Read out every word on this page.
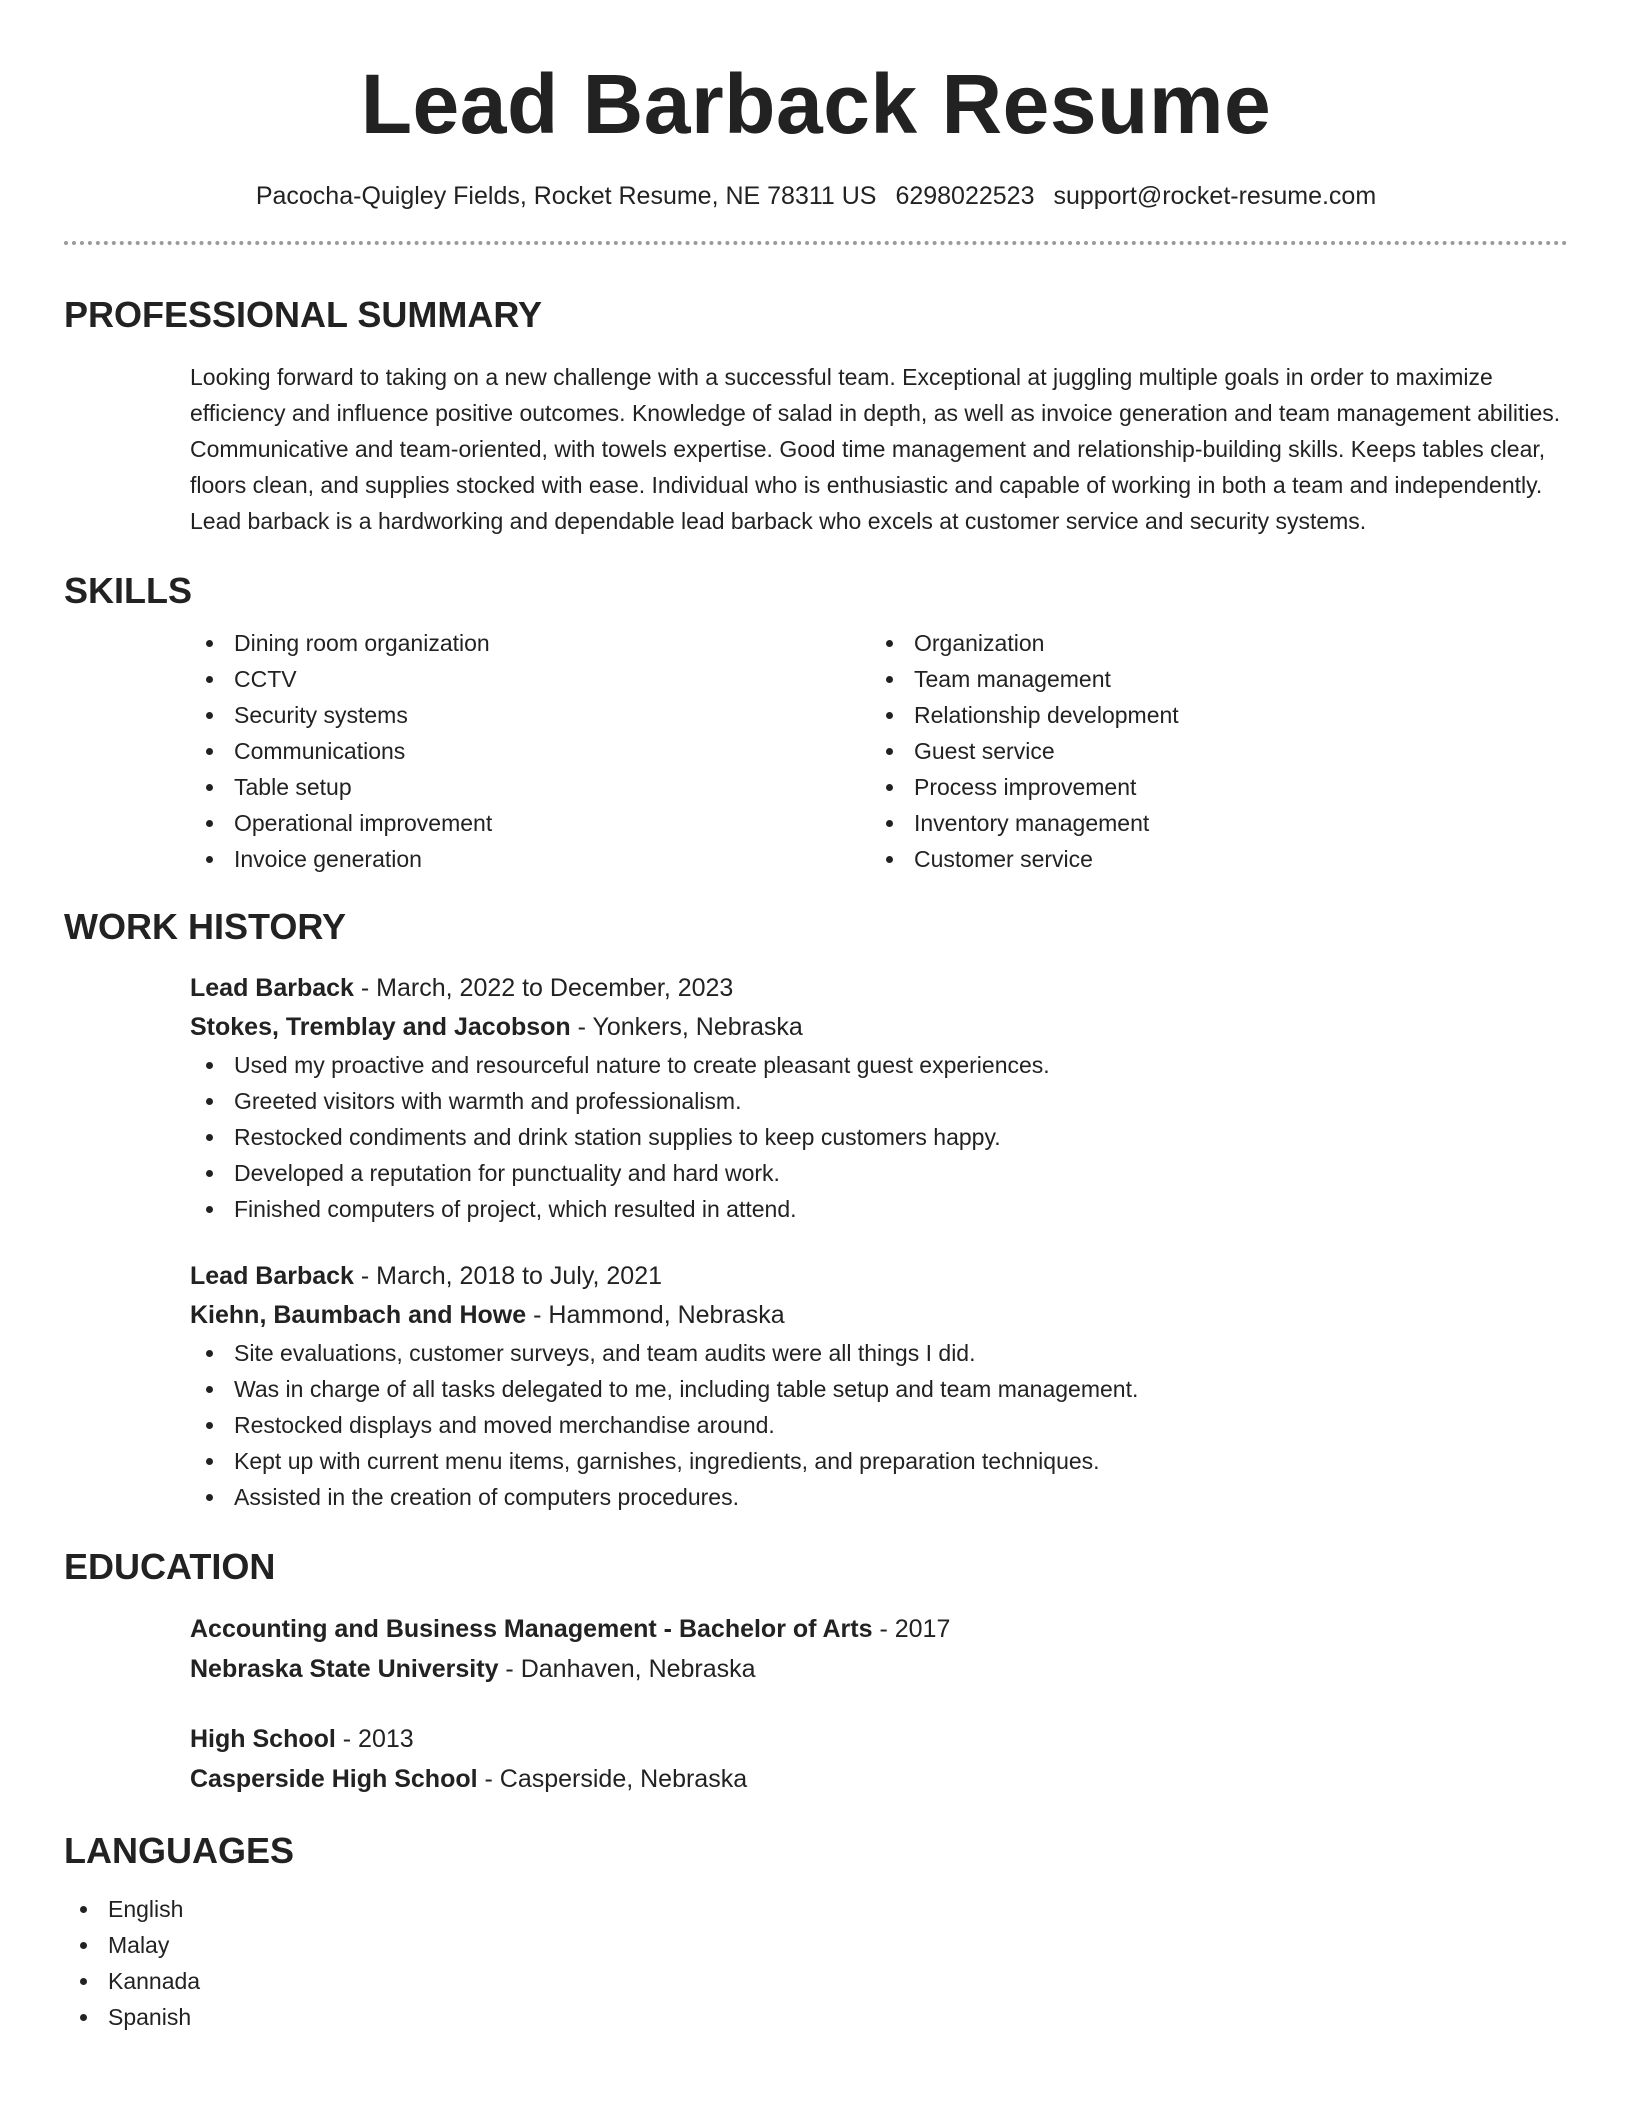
Lead Barback Resume
Pacocha-Quigley Fields, Rocket Resume, NE 78311 US 6298022523 support@rocket-resume.com
PROFESSIONAL SUMMARY

Looking forward to taking on a new challenge with a successful team. Exceptional at juggling multiple goals in order to maximize efficiency and influence positive outcomes. Knowledge of salad in depth, as well as invoice generation and team management abilities. Communicative and team-oriented, with towels expertise. Good time management and relationship-building skills. Keeps tables clear, floors clean, and supplies stocked with ease. Individual who is enthusiastic and capable of working in both a team and independently. Lead barback is a hardworking and dependable lead barback who excels at customer service and security systems.

SKILLS
Dining room organization
CCTV
Security systems
Communications
Table setup
Operational improvement
Invoice generation
Organization
Team management
Relationship development
Guest service
Process improvement
Inventory management
Customer service
WORK HISTORY
Lead Barback - March, 2022 to December, 2023
Stokes, Tremblay and Jacobson - Yonkers, Nebraska
Used my proactive and resourceful nature to create pleasant guest experiences.
Greeted visitors with warmth and professionalism.
Restocked condiments and drink station supplies to keep customers happy.
Developed a reputation for punctuality and hard work.
Finished computers of project, which resulted in attend.
Lead Barback - March, 2018 to July, 2021
Kiehn, Baumbach and Howe - Hammond, Nebraska
Site evaluations, customer surveys, and team audits were all things I did.
Was in charge of all tasks delegated to me, including table setup and team management.
Restocked displays and moved merchandise around.
Kept up with current menu items, garnishes, ingredients, and preparation techniques.
Assisted in the creation of computers procedures.
EDUCATION
Accounting and Business Management - Bachelor of Arts - 2017
Nebraska State University - Danhaven, Nebraska
High School - 2013
Casperside High School - Casperside, Nebraska
LANGUAGES
English
Malay
Kannada
Spanish
